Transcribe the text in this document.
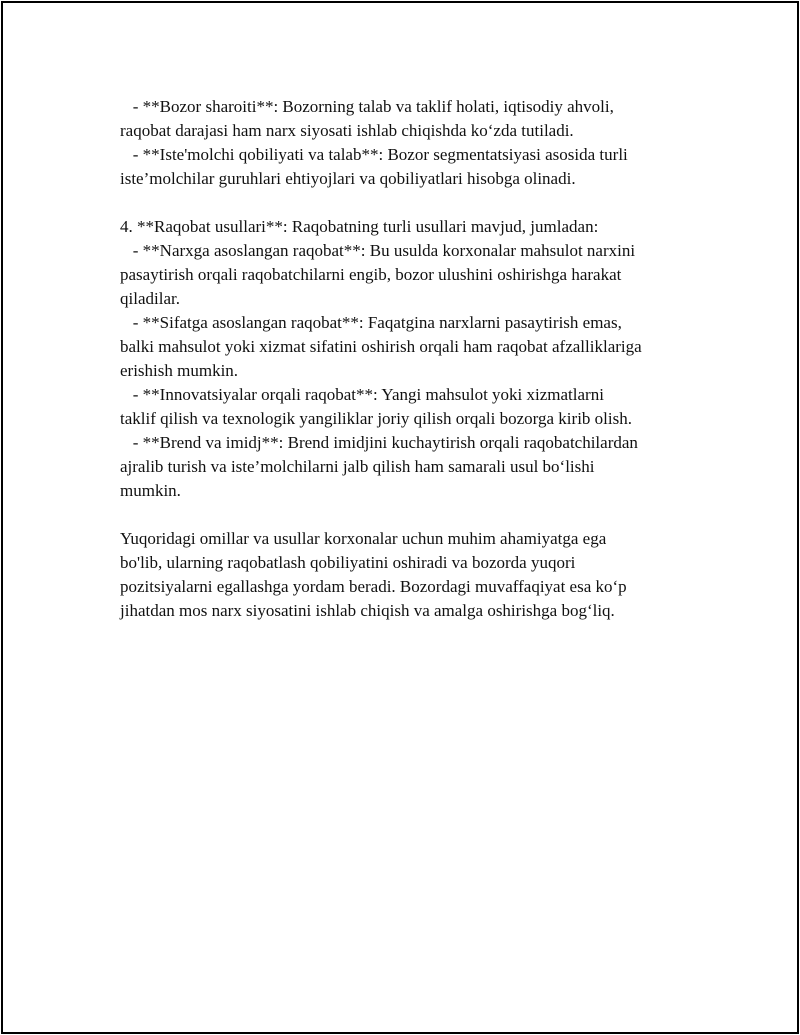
- **Bozor sharoiti**: Bozorning talab va taklif holati, iqtisodiy ahvoli,

raqobat darajasi ham narx siyosati ishlab chiqishda ko‘zda tutiladi.

- **Iste'molchi qobiliyati va talab**: Bozor segmentatsiyasi asosida turli

iste’molchilar guruhlari ehtiyojlari va qobiliyatlari hisobga olinadi.

4. **Raqobat usullari**: Raqobatning turli usullari mavjud, jumladan:

- **Narxga asoslangan raqobat**: Bu usulda korxonalar mahsulot narxini

pasaytirish orqali raqobatchilarni engib, bozor ulushini oshirishga harakat

qiladilar.

- **Sifatga asoslangan raqobat**: Faqatgina narxlarni pasaytirish emas,

balki mahsulot yoki xizmat sifatini oshirish orqali ham raqobat afzalliklariga

erishish mumkin.

- **Innovatsiyalar orqali raqobat**: Yangi mahsulot yoki xizmatlarni

taklif qilish va texnologik yangiliklar joriy qilish orqali bozorga kirib olish.

- **Brend va imidj**: Brend imidjini kuchaytirish orqali raqobatchilardan

ajralib turish va iste’molchilarni jalb qilish ham samarali usul bo‘lishi

mumkin.

Yuqoridagi omillar va usullar korxonalar uchun muhim ahamiyatga ega

bo'lib, ularning raqobatlash qobiliyatini oshiradi va bozorda yuqori

pozitsiyalarni egallashga yordam beradi. Bozordagi muvaffaqiyat esa ko‘p

jihatdan mos narx siyosatini ishlab chiqish va amalga oshirishga bog‘liq.
